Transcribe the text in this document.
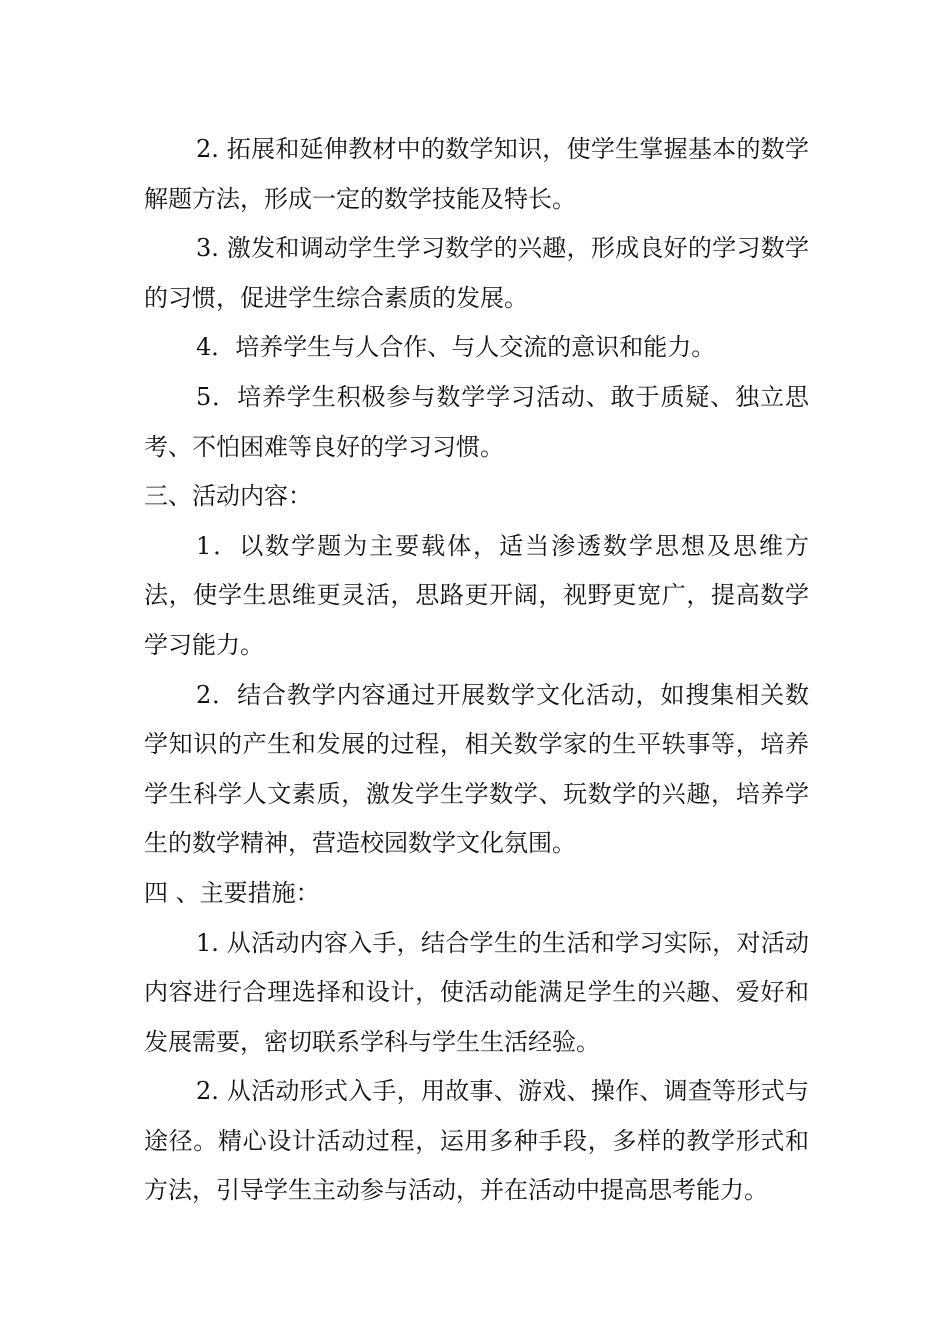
2. 拓展和延伸教材中的数学知识，使学生掌握基本的数学解题方法，形成一定的数学技能及特长。

3. 激发和调动学生学习数学的兴趣，形成良好的学习数学的习惯，促进学生综合素质的发展。

4．培养学生与人合作、与人交流的意识和能力。

5．培养学生积极参与数学学习活动、敢于质疑、独立思考、不怕困难等良好的学习习惯。

三、活动内容：

1．以数学题为主要载体，适当渗透数学思想及思维方法，使学生思维更灵活，思路更开阔，视野更宽广，提高数学学习能力。

2．结合教学内容通过开展数学文化活动，如搜集相关数学知识的产生和发展的过程，相关数学家的生平轶事等，培养学生科学人文素质，激发学生学数学、玩数学的兴趣，培养学生的数学精神，营造校园数学文化氛围。

四 、主要措施：

1. 从活动内容入手，结合学生的生活和学习实际，对活动内容进行合理选择和设计，使活动能满足学生的兴趣、爱好和发展需要，密切联系学科与学生生活经验。

2. 从活动形式入手，用故事、游戏、操作、调查等形式与途径。精心设计活动过程，运用多种手段，多样的教学形式和方法，引导学生主动参与活动，并在活动中提高思考能力。
